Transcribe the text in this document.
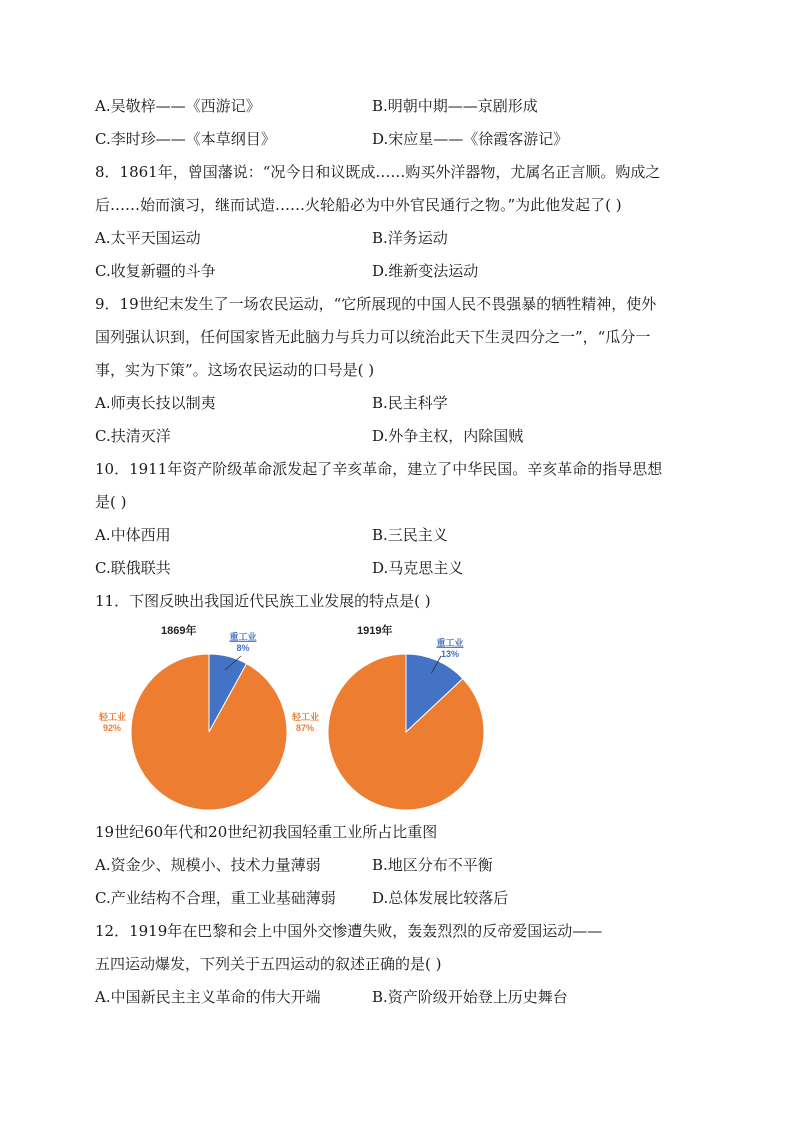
A.吴敬梓——《西游记》	B.明朝中期——京剧形成
C.李时珍——《本草纲目》	D.宋应星——《徐霞客游记》
8．1861年，曾国藩说：“况今日和议既成……购买外洋器物，尤属名正言顺。购成之
后……始而演习，继而试造……火轮船必为中外官民通行之物。”为此他发起了( )
A.太平天国运动	B.洋务运动
C.收复新疆的斗争	D.维新变法运动
9．19世纪末发生了一场农民运动，“它所展现的中国人民不畏强暴的牺牲精神，使外
国列强认识到，任何国家皆无此脑力与兵力可以统治此天下生灵四分之一”，“瓜分一
事，实为下策”。这场农民运动的口号是( )
A.师夷长技以制夷	B.民主科学
C.扶清灭洋	D.外争主权，内除国贼
10．1911年资产阶级革命派发起了辛亥革命，建立了中华民国。辛亥革命的指导思想
是( )
A.中体西用	B.三民主义
C.联俄联共	D.马克思主义
11．下图反映出我国近代民族工业发展的特点是( )
1869年	重工业
8%
轻工业
92%
1919年
重工业
13%
轻工业
87%
19世纪60年代和20世纪初我国轻重工业所占比重图
A.资金少、规模小、技术力量薄弱	B.地区分布不平衡
C.产业结构不合理，重工业基础薄弱 D.总体发展比较落后
12．1919年在巴黎和会上中国外交惨遭失败，轰轰烈烈的反帝爱国运动——
五四运动爆发，下列关于五四运动的叙述正确的是( )
A.中国新民主主义革命的伟大开端	B.资产阶级开始登上历史舞台
